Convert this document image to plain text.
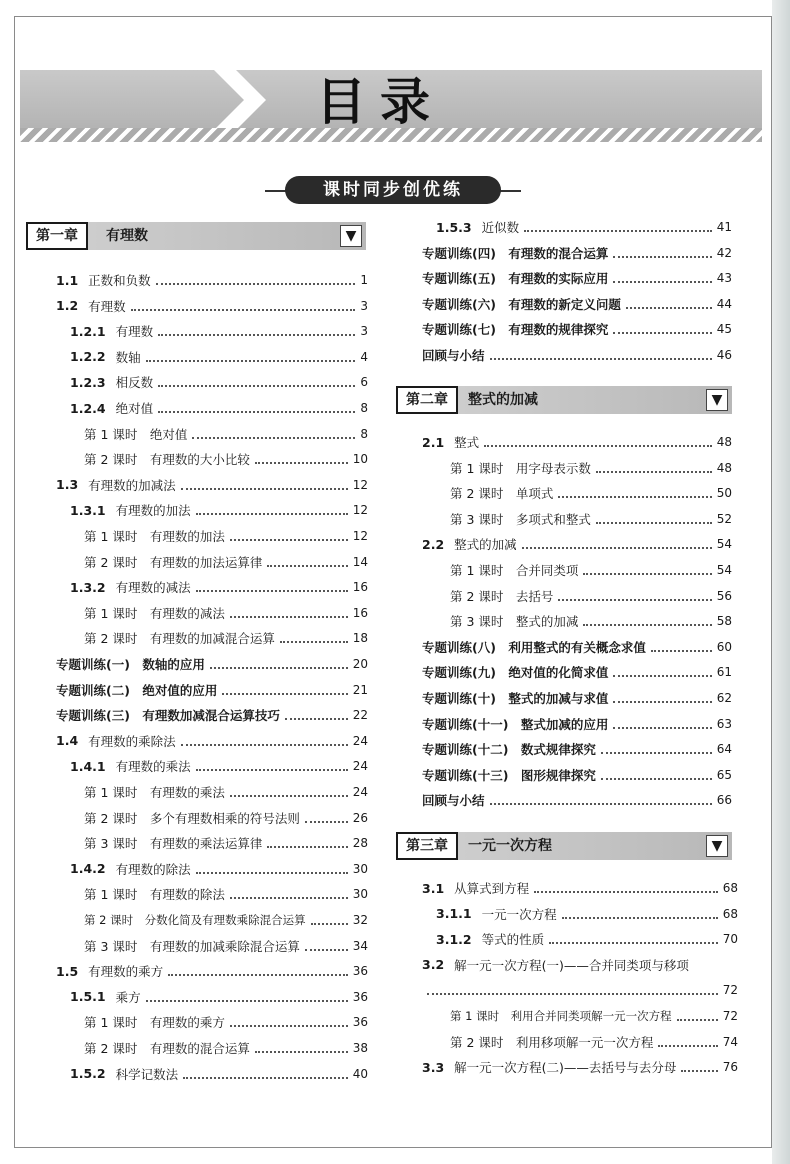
目录
课时同步创优练
第一章	有理数	▼
第二章	整式的加减	▼
第三章	一元一次方程	▼
1.1 正数和负数	1
1.2 有理数	3
1.2.1 有理数	3
1.2.2 数轴	4
1.2.3 相反数	6
1.2.4 绝对值	8
第 1 课时　绝对值	8
第 2 课时　有理数的大小比较	10
1.3 有理数的加减法	12
1.3.1 有理数的加法	12
第 1 课时　有理数的加法	12
第 2 课时　有理数的加法运算律	14
1.3.2 有理数的减法	16
第 1 课时　有理数的减法	16
第 2 课时　有理数的加减混合运算	18
专题训练(一)　数轴的应用	20
专题训练(二)　绝对值的应用	21
专题训练(三)　有理数加减混合运算技巧	22
1.4 有理数的乘除法	24
1.4.1 有理数的乘法	24
第 1 课时　有理数的乘法	24
第 2 课时　多个有理数相乘的符号法则	26
第 3 课时　有理数的乘法运算律	28
1.4.2 有理数的除法	30
第 1 课时　有理数的除法	30
第 2 课时　分数化简及有理数乘除混合运算	32
第 3 课时　有理数的加减乘除混合运算	34
1.5 有理数的乘方	36
1.5.1 乘方	36
第 1 课时　有理数的乘方	36
第 2 课时　有理数的混合运算	38
1.5.2 科学记数法	40
1.5.3 近似数	41
专题训练(四)　有理数的混合运算	42
专题训练(五)　有理数的实际应用	43
专题训练(六)　有理数的新定义问题	44
专题训练(七)　有理数的规律探究	45
回顾与小结	46
2.1 整式	48
第 1 课时　用字母表示数	48
第 2 课时　单项式	50
第 3 课时　多项式和整式	52
2.2 整式的加减	54
第 1 课时　合并同类项	54
第 2 课时　去括号	56
第 3 课时　整式的加减	58
专题训练(八)　利用整式的有关概念求值	60
专题训练(九)　绝对值的化简求值	61
专题训练(十)　整式的加减与求值	62
专题训练(十一)　整式加减的应用	63
专题训练(十二)　数式规律探究	64
专题训练(十三)　图形规律探究	65
回顾与小结	66
3.1 从算式到方程	68
3.1.1 一元一次方程	68
3.1.2 等式的性质	70
3.2 解一元一次方程(一)——合并同类项与移项
72
第 1 课时　利用合并同类项解一元一次方程	72
第 2 课时　利用移项解一元一次方程	74
3.3 解一元一次方程(二)——去括号与去分母	76
